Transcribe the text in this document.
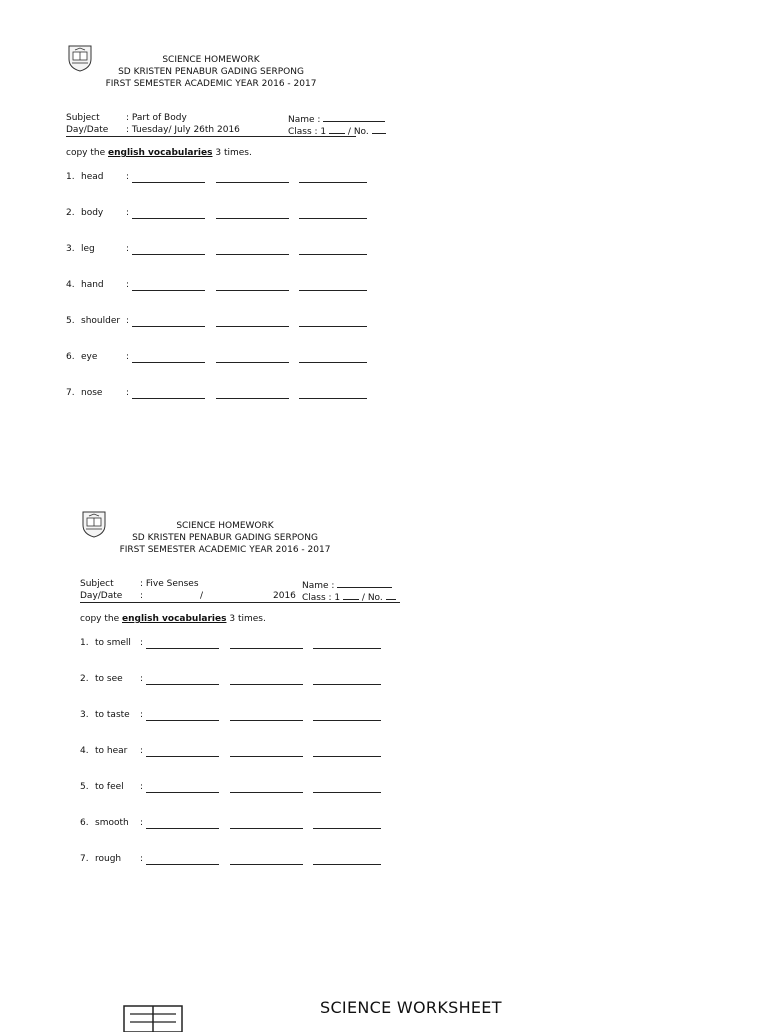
SCIENCE HOMEWORK
SD KRISTEN PENABUR GADING SERPONG
FIRST SEMESTER ACADEMIC YEAR 2016 - 2017
Subject	: Part of Body	Name :
Day/Date : Tuesday/ July 26th 2016	Class : 1 / No.
copy the english vocabularies 3 times.
1. head	:
2. body	:
3. leg	:
4. hand :
5. shoulder :
6. eye	:
7. nose	:
SCIENCE HOMEWORK
SD KRISTEN PENABUR GADING SERPONG
FIRST SEMESTER ACADEMIC YEAR 2016 - 2017
Subject	: Five Senses	Name :
Day/Date :	/	2016 Class : 1 / No.
copy the english vocabularies 3 times.
1. to smell :
2. to see :
3. to taste :
4. to hear :
5. to feel :
6. smooth :
7. rough :
SCIENCE WORKSHEET
